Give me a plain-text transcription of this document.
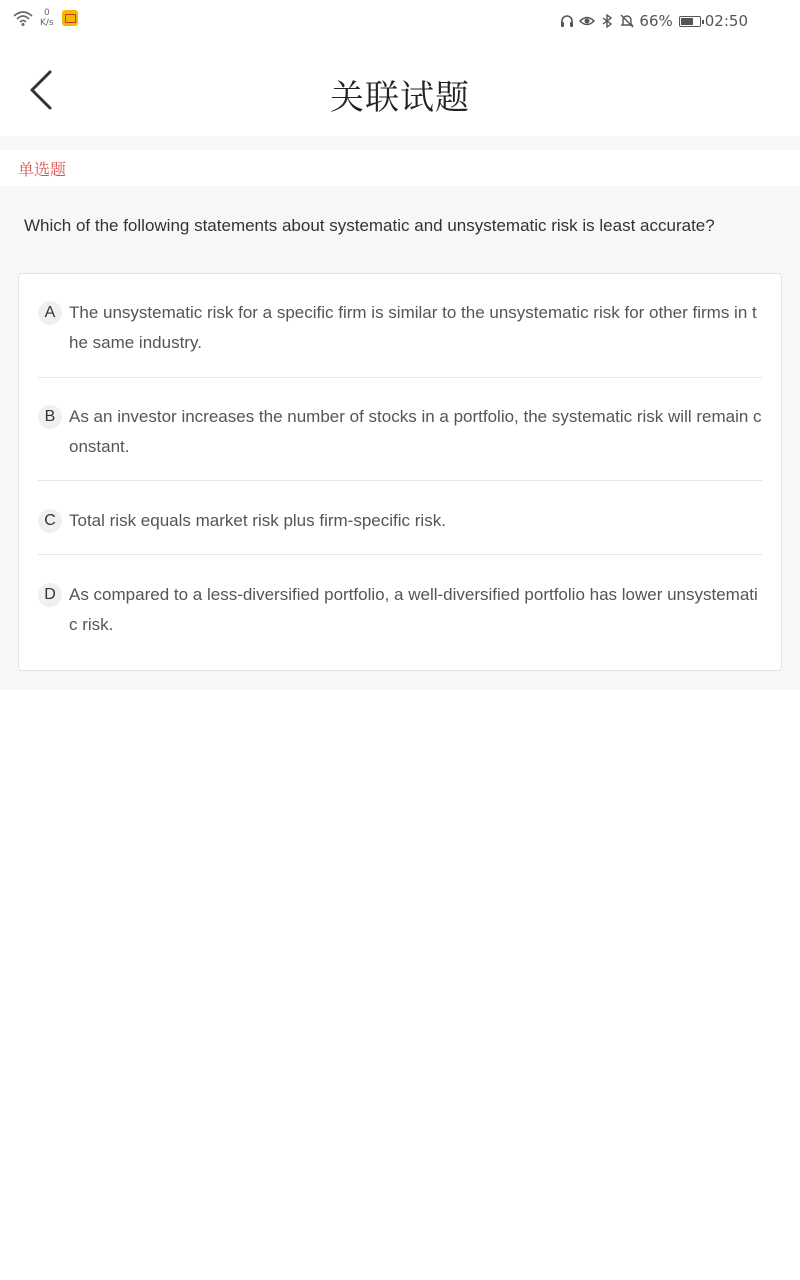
0
K/s	66% 02:50
关联试题
单选题
Which of the following statements about systematic and unsystematic risk is least accurate?
A The unsystematic risk for a specific firm is similar to the unsystematic risk for other firms in the same industry.
B As an investor increases the number of stocks in a portfolio, the systematic risk will remain constant.
C Total risk equals market risk plus firm-specific risk.
D As compared to a less-diversified portfolio, a well-diversified portfolio has lower unsystematic risk.
